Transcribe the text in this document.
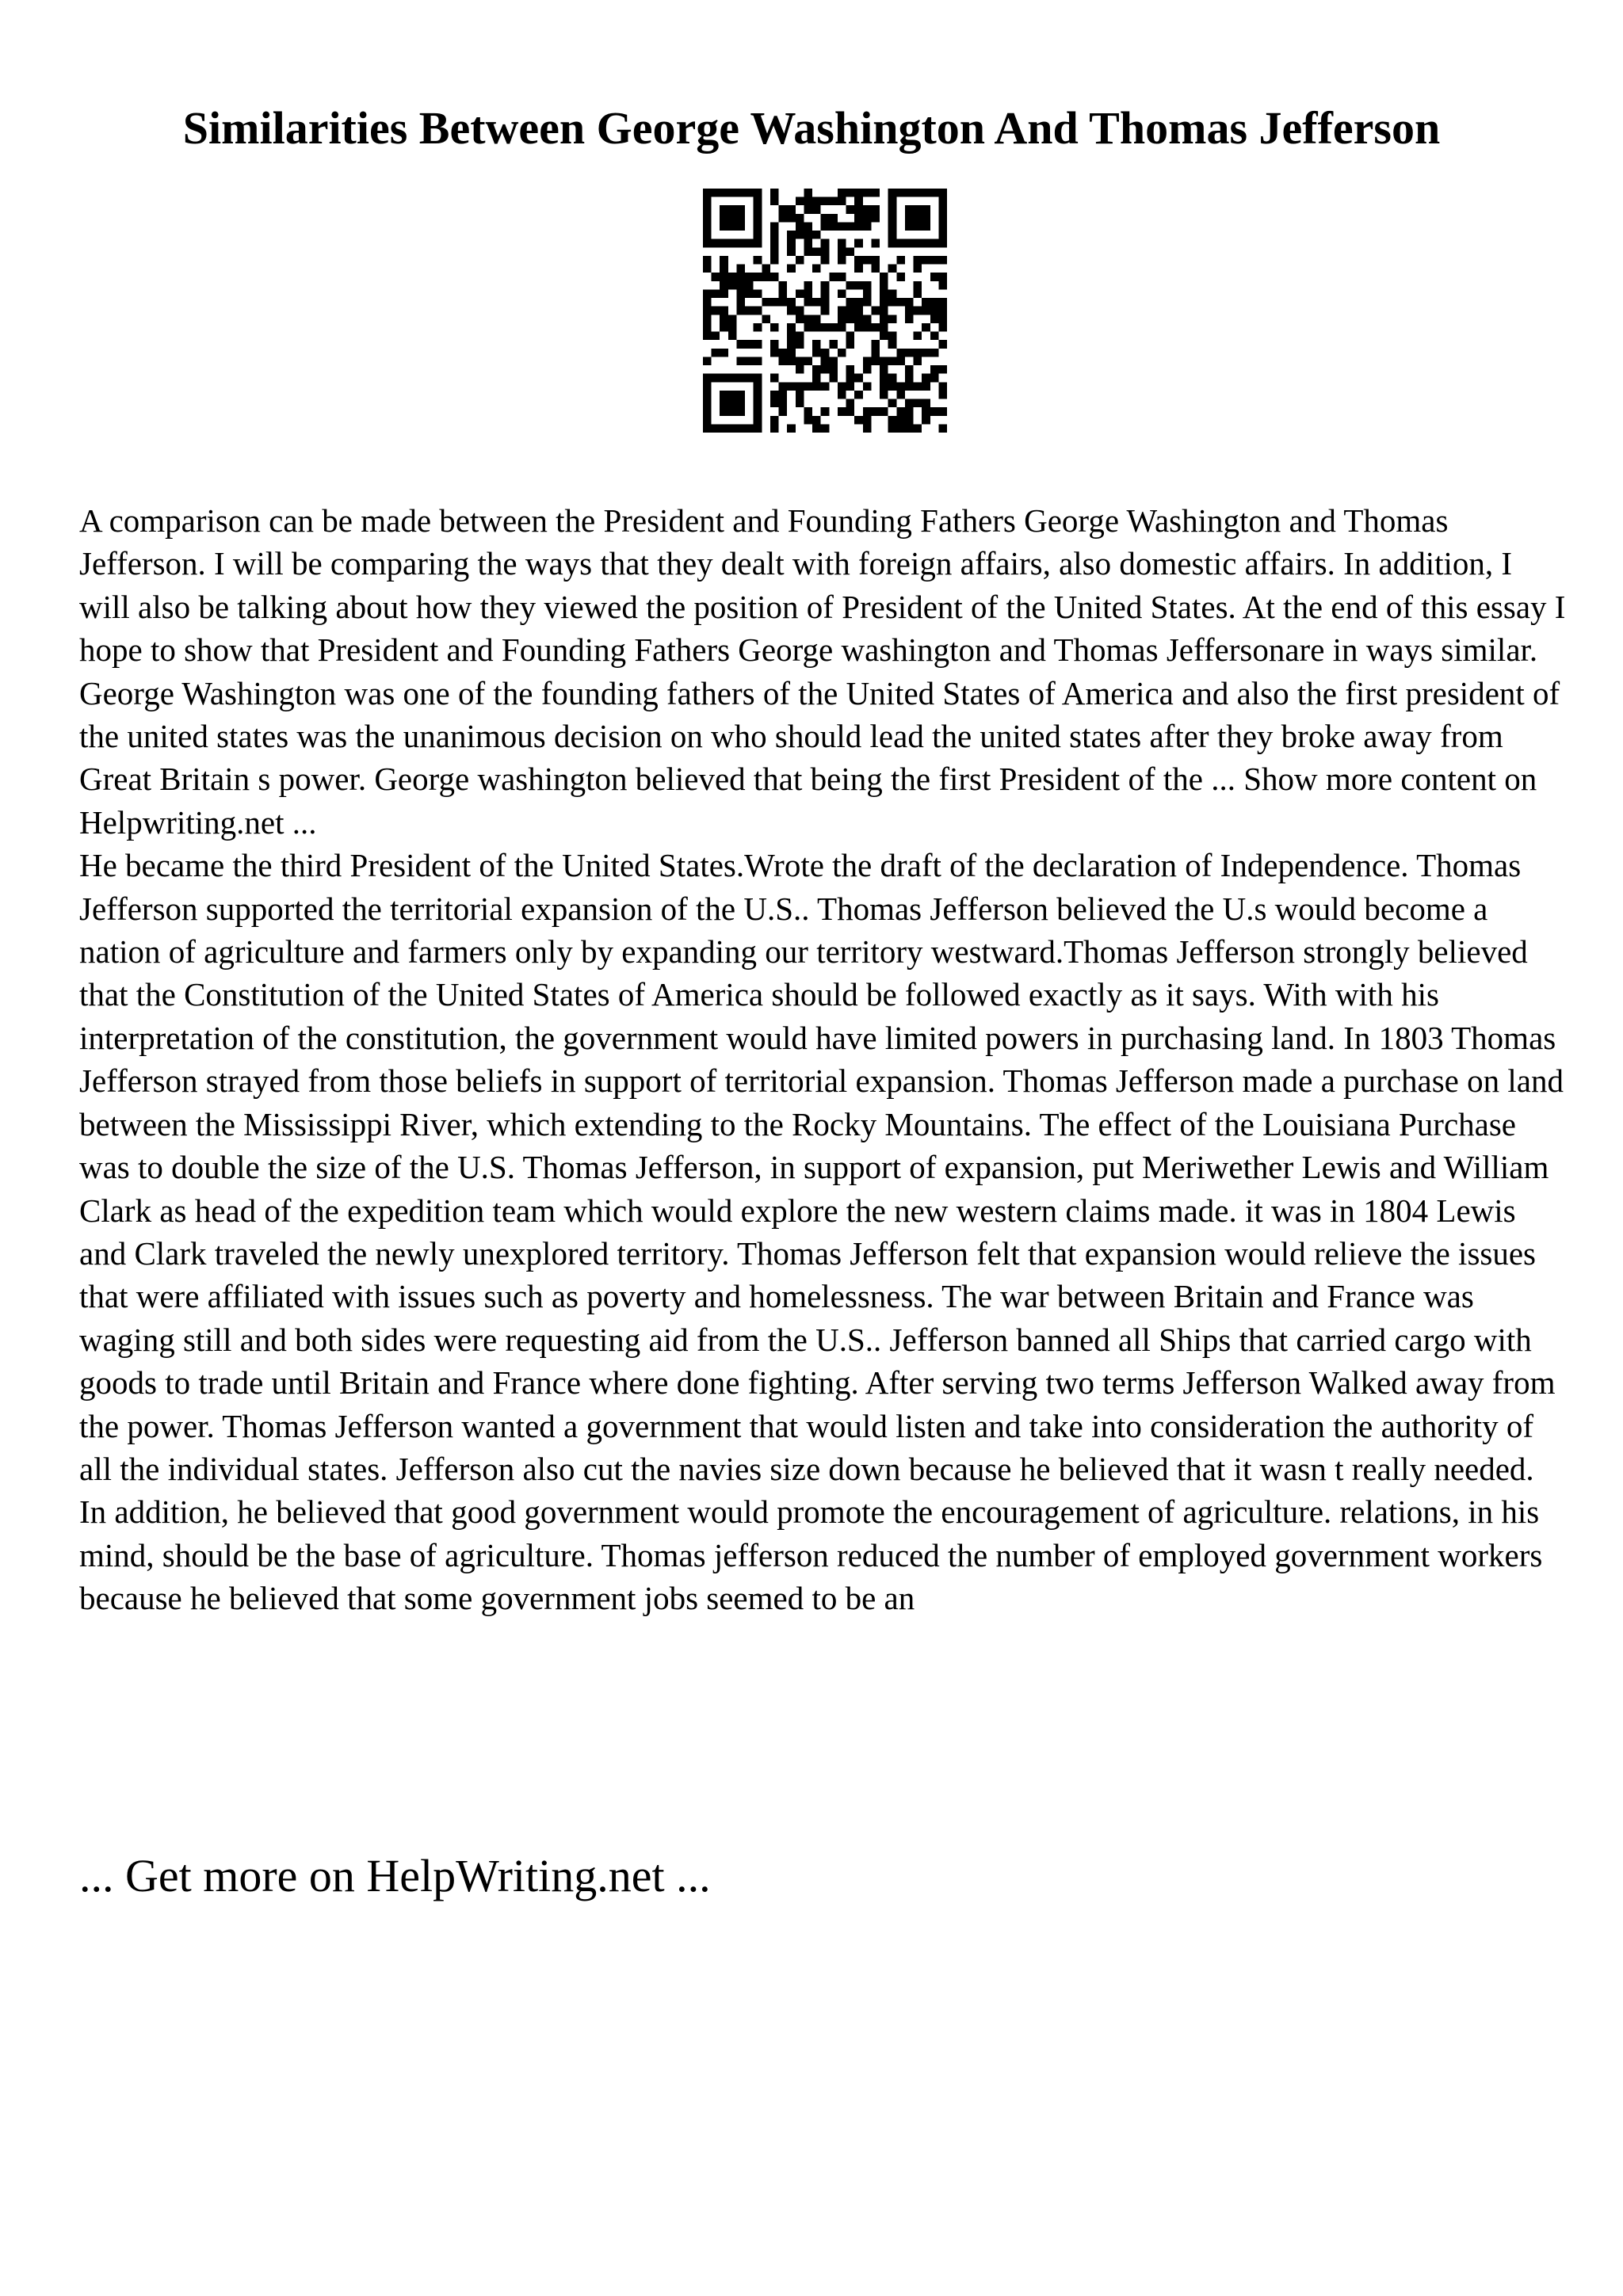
Similarities Between George Washington And Thomas Jefferson

A comparison can be made between the President and Founding Fathers George Washington and Thomas Jefferson. I will be comparing the ways that they dealt with foreign affairs, also domestic affairs. In addition, I will also be talking about how they viewed the position of President of the United States. At the end of this essay I hope to show that President and Founding Fathers George washington and Thomas Jeffersonare in ways similar.

George Washington was one of the founding fathers of the United States of America and also the first president of the united states was the unanimous decision on who should lead the united states after they broke away from Great Britain s power. George washington believed that being the first President of the ... Show more content on Helpwriting.net ...

He became the third President of the United States.Wrote the draft of the declaration of Independence. Thomas Jefferson supported the territorial expansion of the U.S.. Thomas Jefferson believed the U.s would become a nation of agriculture and farmers only by expanding our territory westward.Thomas Jefferson strongly believed that the Constitution of the United States of America should be followed exactly as it says. With with his interpretation of the constitution, the government would have limited powers in purchasing land. In 1803 Thomas Jefferson strayed from those beliefs in support of territorial expansion. Thomas Jefferson made a purchase on land between the Mississippi River, which extending to the Rocky Mountains. The effect of the Louisiana Purchase was to double the size of the U.S. Thomas Jefferson, in support of expansion, put Meriwether Lewis and William Clark as head of the expedition team which would explore the new western claims made. it was in 1804 Lewis and Clark traveled the newly unexplored territory. Thomas Jefferson felt that expansion would relieve the issues that were affiliated with issues such as poverty and homelessness. The war between Britain and France was waging still and both sides were requesting aid from the U.S.. Jefferson banned all Ships that carried cargo with goods to trade until Britain and France where done fighting. After serving two terms Jefferson Walked away from the power. Thomas Jefferson wanted a government that would listen and take into consideration the authority of all the individual states. Jefferson also cut the navies size down because he believed that it wasn t really needed. In addition, he believed that good government would promote the encouragement of agriculture. relations, in his mind, should be the base of agriculture. Thomas jefferson reduced the number of employed government workers because he believed that some government jobs seemed to be an

... Get more on HelpWriting.net ...
